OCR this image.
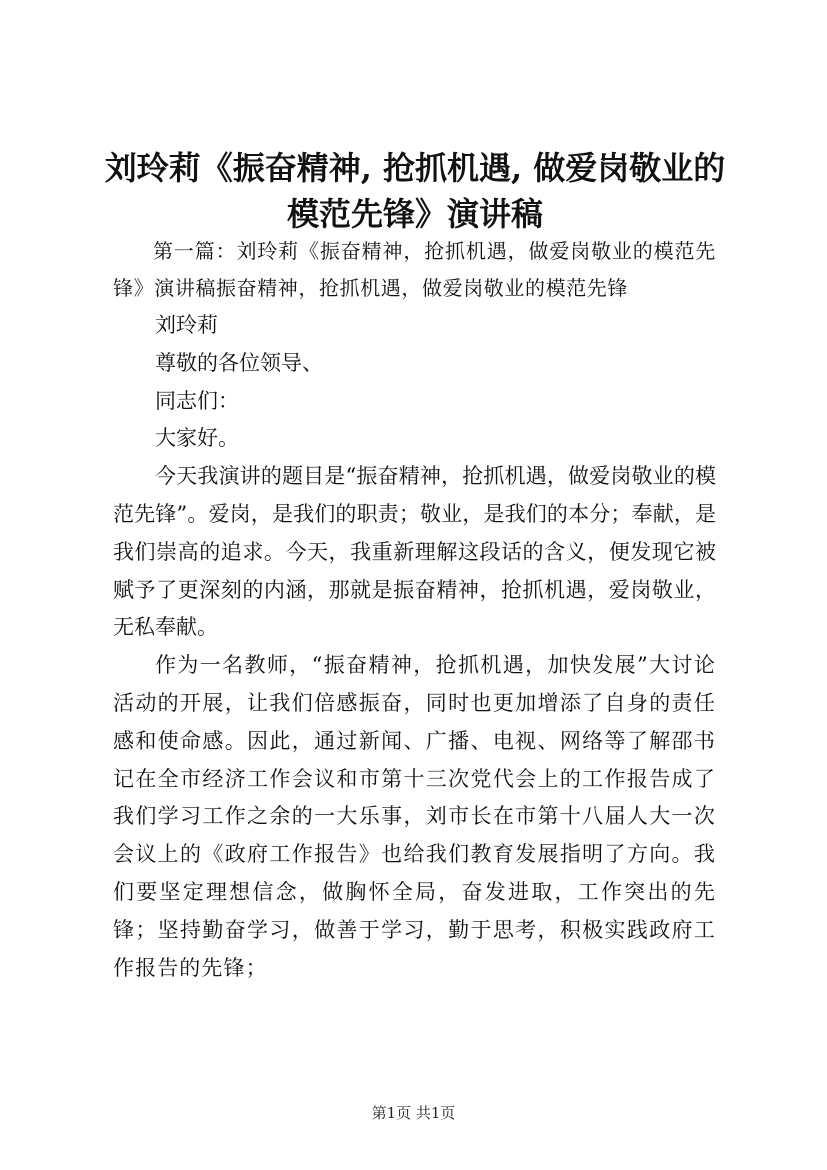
刘玲莉《振奋精神, 抢抓机遇, 做爱岗敬业的模范先锋》演讲稿

第一篇：刘玲莉《振奋精神，抢抓机遇，做爱岗敬业的模范先锋》演讲稿振奋精神，抢抓机遇，做爱岗敬业的模范先锋

刘玲莉

尊敬的各位领导、

同志们：

大家好。

今天我演讲的题目是“振奋精神，抢抓机遇，做爱岗敬业的模范先锋”。爱岗，是我们的职责；敬业，是我们的本分；奉献，是我们崇高的追求。今天，我重新理解这段话的含义，便发现它被赋予了更深刻的内涵，那就是振奋精神，抢抓机遇，爱岗敬业，无私奉献。

作为一名教师，“振奋精神，抢抓机遇，加快发展”大讨论活动的开展，让我们倍感振奋，同时也更加增添了自身的责任感和使命感。因此，通过新闻、广播、电视、网络等了解邵书记在全市经济工作会议和市第十三次党代会上的工作报告成了我们学习工作之余的一大乐事，刘市长在市第十八届人大一次会议上的《政府工作报告》也给我们教育发展指明了方向。我们要坚定理想信念，做胸怀全局，奋发进取，工作突出的先锋；坚持勤奋学习，做善于学习，勤于思考，积极实践政府工作报告的先锋；

第1页 共1页
